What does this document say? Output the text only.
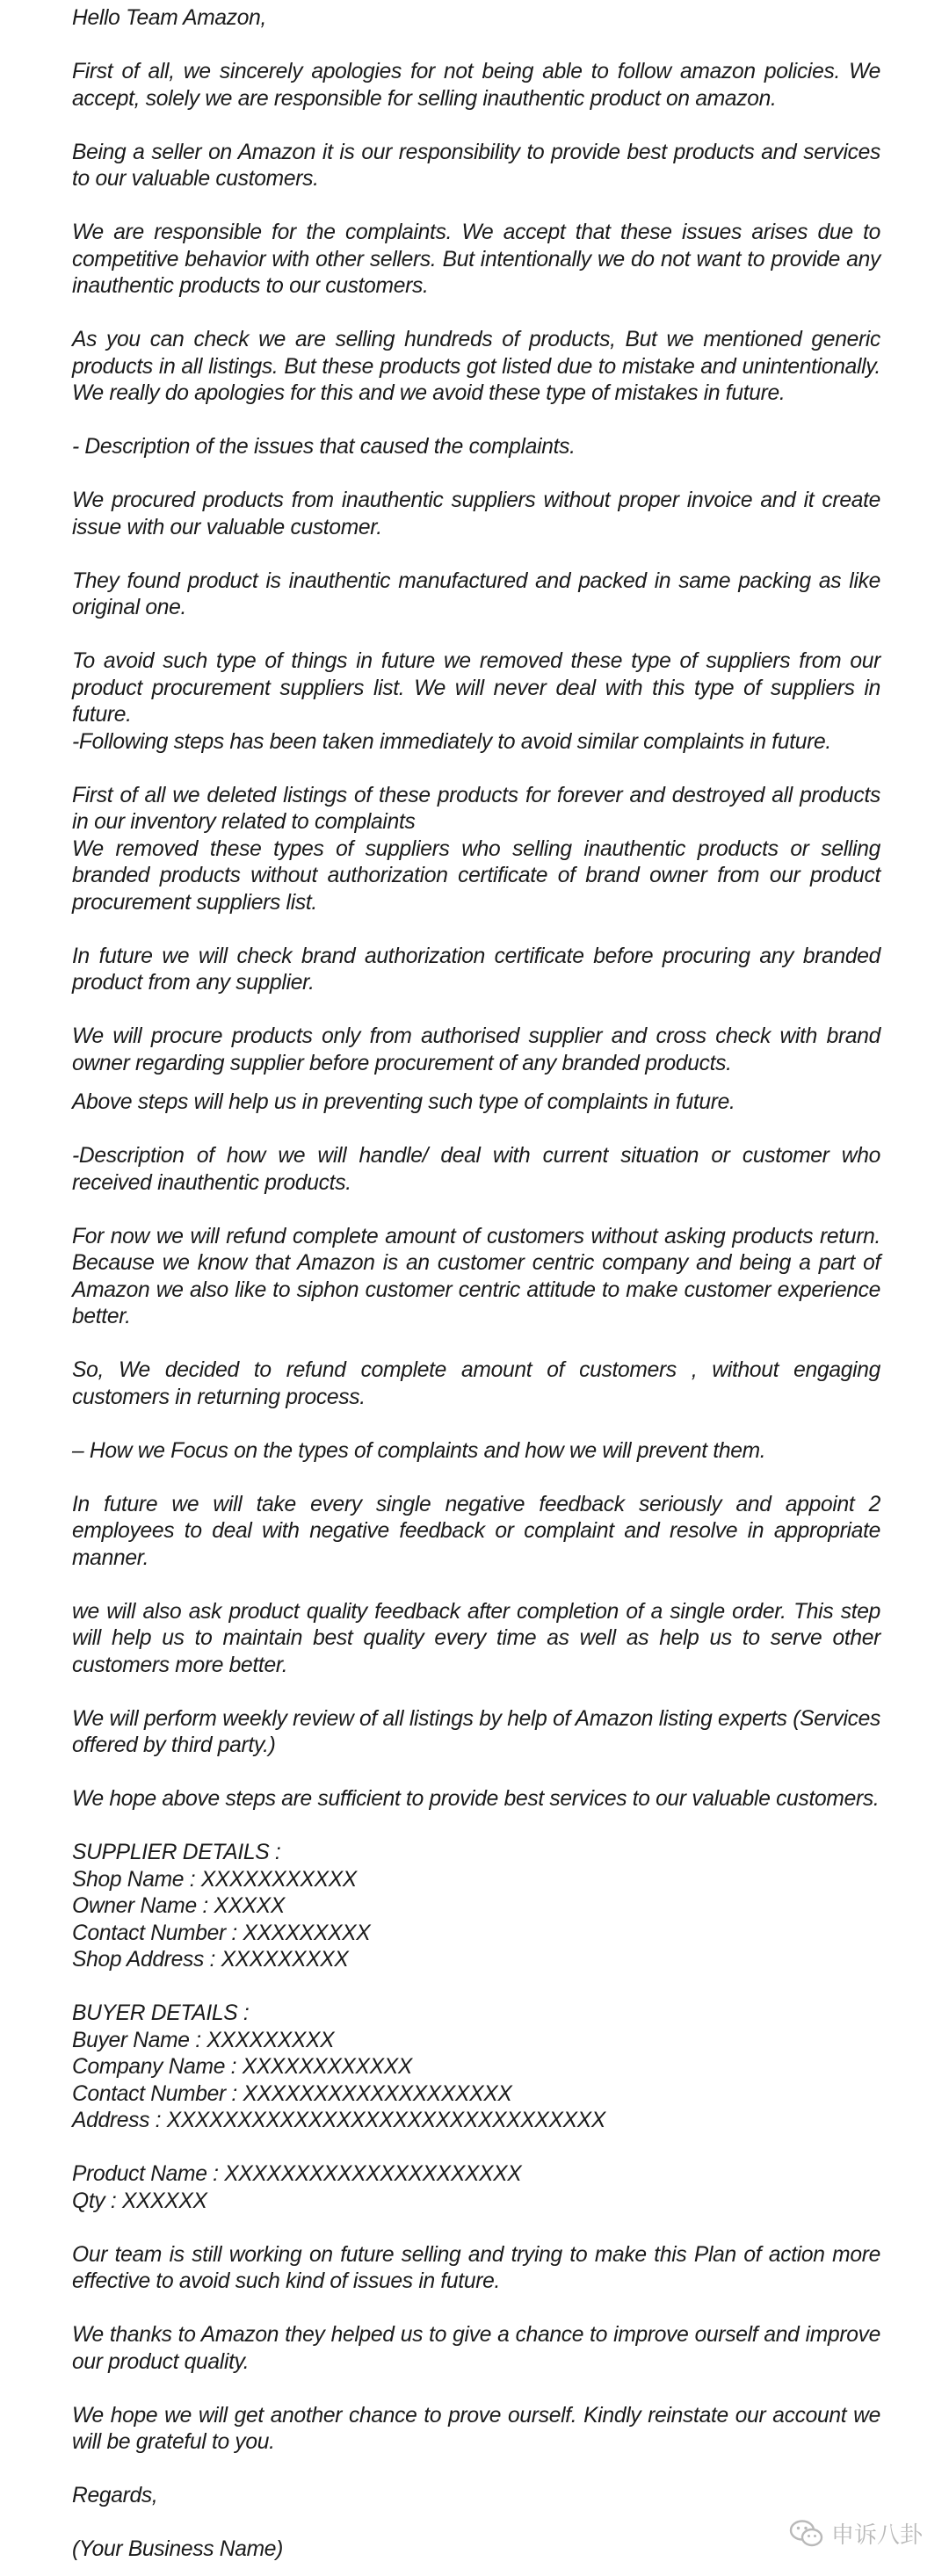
Hello Team Amazon,

First of all, we sincerely apologies for not being able to follow amazon policies. We accept, solely we are responsible for selling inauthentic product on amazon.

Being a seller on Amazon it is our responsibility to provide best products and services to our valuable customers.

We are responsible for the complaints. We accept that these issues arises due to competitive behavior with other sellers. But intentionally we do not want to provide any inauthentic products to our customers.

As you can check we are selling hundreds of products, But we mentioned generic products in all listings. But these products got listed due to mistake and unintentionally. We really do apologies for this and we avoid these type of mistakes in future.

- Description of the issues that caused the complaints.

We procured products from inauthentic suppliers without proper invoice and it create issue with our valuable customer.

They found product is inauthentic manufactured and packed in same packing as like original one.

To avoid such type of things in future we removed these type of suppliers from our product procurement suppliers list. We will never deal with this type of suppliers in future.

-Following steps has been taken immediately to avoid similar complaints in future.

First of all we deleted listings of these products for forever and destroyed all products in our inventory related to complaints

We removed these types of suppliers who selling inauthentic products or selling branded products without authorization certificate of brand owner from our product procurement suppliers list.

In future we will check brand authorization certificate before procuring any branded product from any supplier.

We will procure products only from authorised supplier and cross check with brand owner regarding supplier before procurement of any branded products.

Above steps will help us in preventing such type of complaints in future.

-Description of how we will handle/ deal with current situation or customer who received inauthentic products.

For now we will refund complete amount of customers without asking products return. Because we know that Amazon is an customer centric company and being a part of Amazon we also like to siphon customer centric attitude to make customer experience better.

So, We decided to refund complete amount of customers , without engaging customers in returning process.

– How we Focus on the types of complaints and how we will prevent them.

In future we will take every single negative feedback seriously and appoint 2 employees to deal with negative feedback or complaint and resolve in appropriate manner.

we will also ask product quality feedback after completion of a single order. This step will help us to maintain best quality every time as well as help us to serve other customers more better.

We will perform weekly review of all listings by help of Amazon listing experts (Services offered by third party.)

We hope above steps are sufficient to provide best services to our valuable customers.

SUPPLIER DETAILS :

Shop Name : XXXXXXXXXXX

Owner Name : XXXXX

Contact Number : XXXXXXXXX

Shop Address : XXXXXXXXX

BUYER DETAILS :

Buyer Name : XXXXXXXXX

Company Name : XXXXXXXXXXXX

Contact Number : XXXXXXXXXXXXXXXXXXX

Address : XXXXXXXXXXXXXXXXXXXXXXXXXXXXXXX

Product Name : XXXXXXXXXXXXXXXXXXXXX

Qty : XXXXXX

Our team is still working on future selling and trying to make this Plan of action more effective to avoid such kind of issues in future.

We thanks to Amazon they helped us to give a chance to improve ourself and improve our product quality.

We hope we will get another chance to prove ourself. Kindly reinstate our account we will be grateful to you.

Regards,

(Your Business Name)

申诉八卦
